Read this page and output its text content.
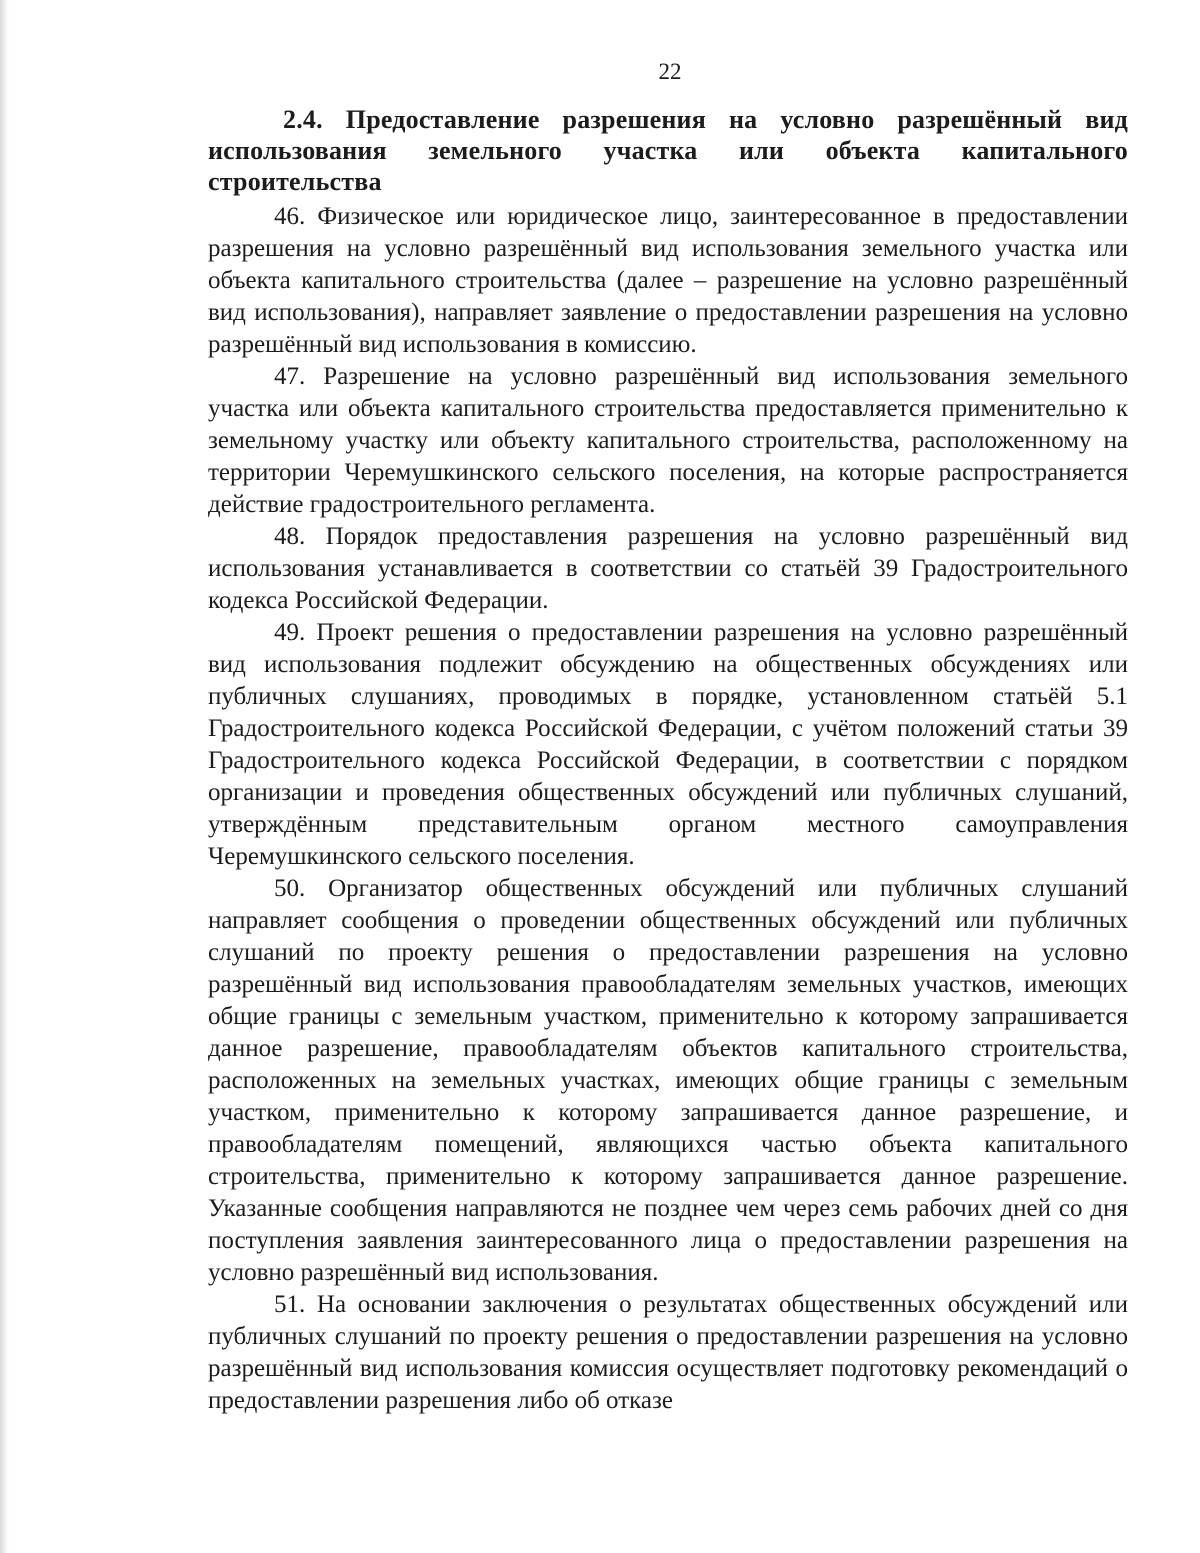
22

2.4. Предоставление разрешения на условно разрешённый вид использования земельного участка или объекта капитального строительства

46. Физическое или юридическое лицо, заинтересованное в предоставлении разрешения на условно разрешённый вид использования земельного участка или объекта капитального строительства (далее – разрешение на условно разрешённый вид использования), направляет заявление о предоставлении разрешения на условно разрешённый вид использования в комиссию.

47. Разрешение на условно разрешённый вид использования земельного участка или объекта капитального строительства предоставляется применительно к земельному участку или объекту капитального строительства, расположенному на территории Черемушкинского сельского поселения, на которые распространяется действие градостроительного регламента.

48. Порядок предоставления разрешения на условно разрешённый вид использования устанавливается в соответствии со статьёй 39 Градостроительного кодекса Российской Федерации.

49. Проект решения о предоставлении разрешения на условно разрешённый вид использования подлежит обсуждению на общественных обсуждениях или публичных слушаниях, проводимых в порядке, установленном статьёй 5.1 Градостроительного кодекса Российской Федерации, с учётом положений статьи 39 Градостроительного кодекса Российской Федерации, в соответствии с порядком организации и проведения общественных обсуждений или публичных слушаний, утверждённым представительным органом местного самоуправления Черемушкинского сельского поселения.

50. Организатор общественных обсуждений или публичных слушаний направляет сообщения о проведении общественных обсуждений или публичных слушаний по проекту решения о предоставлении разрешения на условно разрешённый вид использования правообладателям земельных участков, имеющих общие границы с земельным участком, применительно к которому запрашивается данное разрешение, правообладателям объектов капитального строительства, расположенных на земельных участках, имеющих общие границы с земельным участком, применительно к которому запрашивается данное разрешение, и правообладателям помещений, являющихся частью объекта капитального строительства, применительно к которому запрашивается данное разрешение. Указанные сообщения направляются не позднее чем через семь рабочих дней со дня поступления заявления заинтересованного лица о предоставлении разрешения на условно разрешённый вид использования.

51. На основании заключения о результатах общественных обсуждений или публичных слушаний по проекту решения о предоставлении разрешения на условно разрешённый вид использования комиссия осуществляет подготовку рекомендаций о предоставлении разрешения либо об отказе
